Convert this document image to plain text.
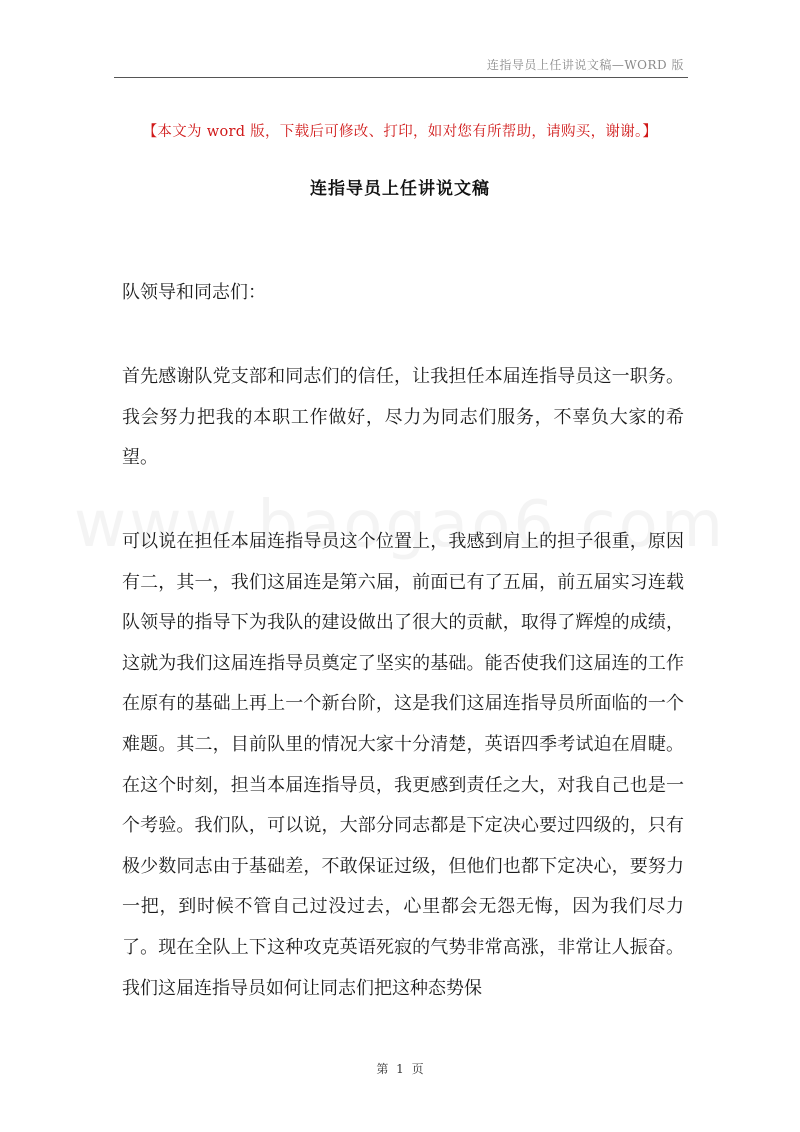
连指导员上任讲说文稿—WORD 版
【本文为 word 版，下载后可修改、打印，如对您有所帮助，请购买，谢谢。】
连指导员上任讲说文稿
队领导和同志们：
首先感谢队党支部和同志们的信任，让我担任本届连指导员这一职务。我会努力把我的本职工作做好，尽力为同志们服务，不辜负大家的希望。
可以说在担任本届连指导员这个位置上，我感到肩上的担子很重，原因有二，其一，我们这届连是第六届，前面已有了五届，前五届实习连载队领导的指导下为我队的建设做出了很大的贡献，取得了辉煌的成绩，这就为我们这届连指导员奠定了坚实的基础。能否使我们这届连的工作在原有的基础上再上一个新台阶，这是我们这届连指导员所面临的一个难题。其二，目前队里的情况大家十分清楚，英语四季考试迫在眉睫。在这个时刻，担当本届连指导员，我更感到责任之大，对我自己也是一个考验。我们队，可以说，大部分同志都是下定决心要过四级的，只有极少数同志由于基础差，不敢保证过级，但他们也都下定决心，要努力一把，到时候不管自己过没过去，心里都会无怨无悔，因为我们尽力了。现在全队上下这种攻克英语死寂的气势非常高涨，非常让人振奋。我们这届连指导员如何让同志们把这种态势保
第 1 页
